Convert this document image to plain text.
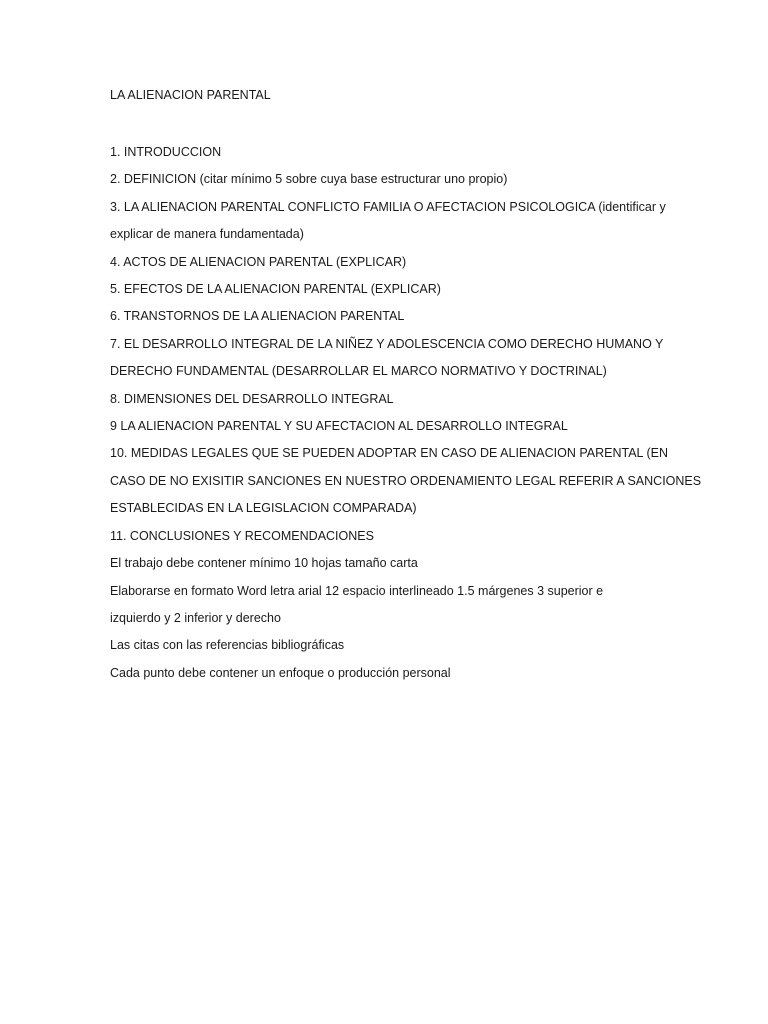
LA ALIENACION PARENTAL

1. INTRODUCCION

2. DEFINICION (citar mínimo 5 sobre cuya base estructurar uno propio)

3. LA ALIENACION PARENTAL CONFLICTO FAMILIA O AFECTACION PSICOLOGICA (identificar y

explicar de manera fundamentada)

4. ACTOS DE ALIENACION PARENTAL (EXPLICAR)

5. EFECTOS DE LA ALIENACION PARENTAL (EXPLICAR)

6. TRANSTORNOS DE LA ALIENACION PARENTAL

7. EL DESARROLLO INTEGRAL DE LA NIÑEZ Y ADOLESCENCIA COMO DERECHO HUMANO Y

DERECHO FUNDAMENTAL (DESARROLLAR EL MARCO NORMATIVO Y DOCTRINAL)

8. DIMENSIONES DEL DESARROLLO INTEGRAL

9 LA ALIENACION PARENTAL Y SU AFECTACION AL DESARROLLO INTEGRAL

10. MEDIDAS LEGALES QUE SE PUEDEN ADOPTAR EN CASO DE ALIENACION PARENTAL (EN

CASO DE NO EXISITIR SANCIONES EN NUESTRO ORDENAMIENTO LEGAL REFERIR A SANCIONES

ESTABLECIDAS EN LA LEGISLACION COMPARADA)

11. CONCLUSIONES Y RECOMENDACIONES

El trabajo debe contener mínimo 10 hojas tamaño carta

Elaborarse en formato Word letra arial 12 espacio interlineado 1.5 márgenes 3 superior e

izquierdo y 2 inferior y derecho

Las citas con las referencias bibliográficas

Cada punto debe contener un enfoque o producción personal
